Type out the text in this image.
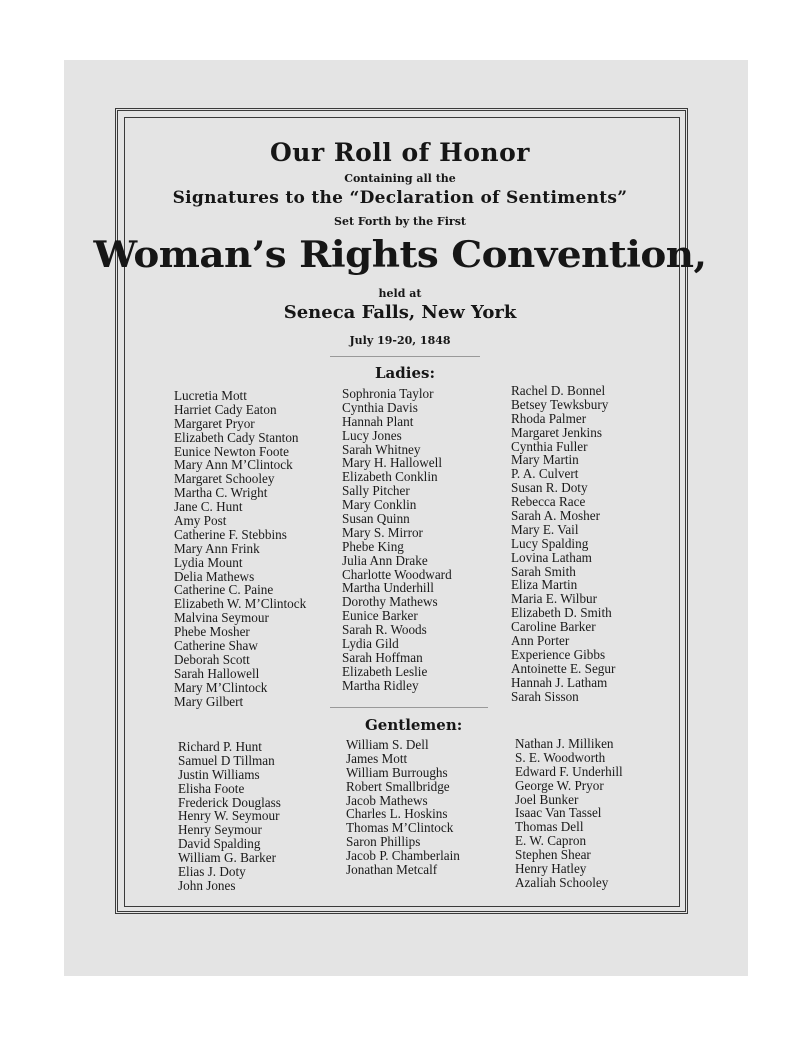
Our Roll of Honor
Containing all the
Signatures to the “Declaration of Sentiments”
Set Forth by the First
Woman’s Rights Convention,
held at
Seneca Falls, New York
July 19-20, 1848
Ladies:
Lucretia Mott
Harriet Cady Eaton
Margaret Pryor
Elizabeth Cady Stanton
Eunice Newton Foote
Mary Ann M’Clintock
Margaret Schooley
Martha C. Wright
Jane C. Hunt
Amy Post
Catherine F. Stebbins
Mary Ann Frink
Lydia Mount
Delia Mathews
Catherine C. Paine
Elizabeth W. M’Clintock
Malvina Seymour
Phebe Mosher
Catherine Shaw
Deborah Scott
Sarah Hallowell
Mary M’Clintock
Mary Gilbert
Sophronia Taylor
Cynthia Davis
Hannah Plant
Lucy Jones
Sarah Whitney
Mary H. Hallowell
Elizabeth Conklin
Sally Pitcher
Mary Conklin
Susan Quinn
Mary S. Mirror
Phebe King
Julia Ann Drake
Charlotte Woodward
Martha Underhill
Dorothy Mathews
Eunice Barker
Sarah R. Woods
Lydia Gild
Sarah Hoffman
Elizabeth Leslie
Martha Ridley
Rachel D. Bonnel
Betsey Tewksbury
Rhoda Palmer
Margaret Jenkins
Cynthia Fuller
Mary Martin
P. A. Culvert
Susan R. Doty
Rebecca Race
Sarah A. Mosher
Mary E. Vail
Lucy Spalding
Lovina Latham
Sarah Smith
Eliza Martin
Maria E. Wilbur
Elizabeth D. Smith
Caroline Barker
Ann Porter
Experience Gibbs
Antoinette E. Segur
Hannah J. Latham
Sarah Sisson
Gentlemen:
Richard P. Hunt
Samuel D Tillman
Justin Williams
Elisha Foote
Frederick Douglass
Henry W. Seymour
Henry Seymour
David Spalding
William G. Barker
Elias J. Doty
John Jones
William S. Dell
James Mott
William Burroughs
Robert Smallbridge
Jacob Mathews
Charles L. Hoskins
Thomas M’Clintock
Saron Phillips
Jacob P. Chamberlain
Jonathan Metcalf
Nathan J. Milliken
S. E. Woodworth
Edward F. Underhill
George W. Pryor
Joel Bunker
Isaac Van Tassel
Thomas Dell
E. W. Capron
Stephen Shear
Henry Hatley
Azaliah Schooley
